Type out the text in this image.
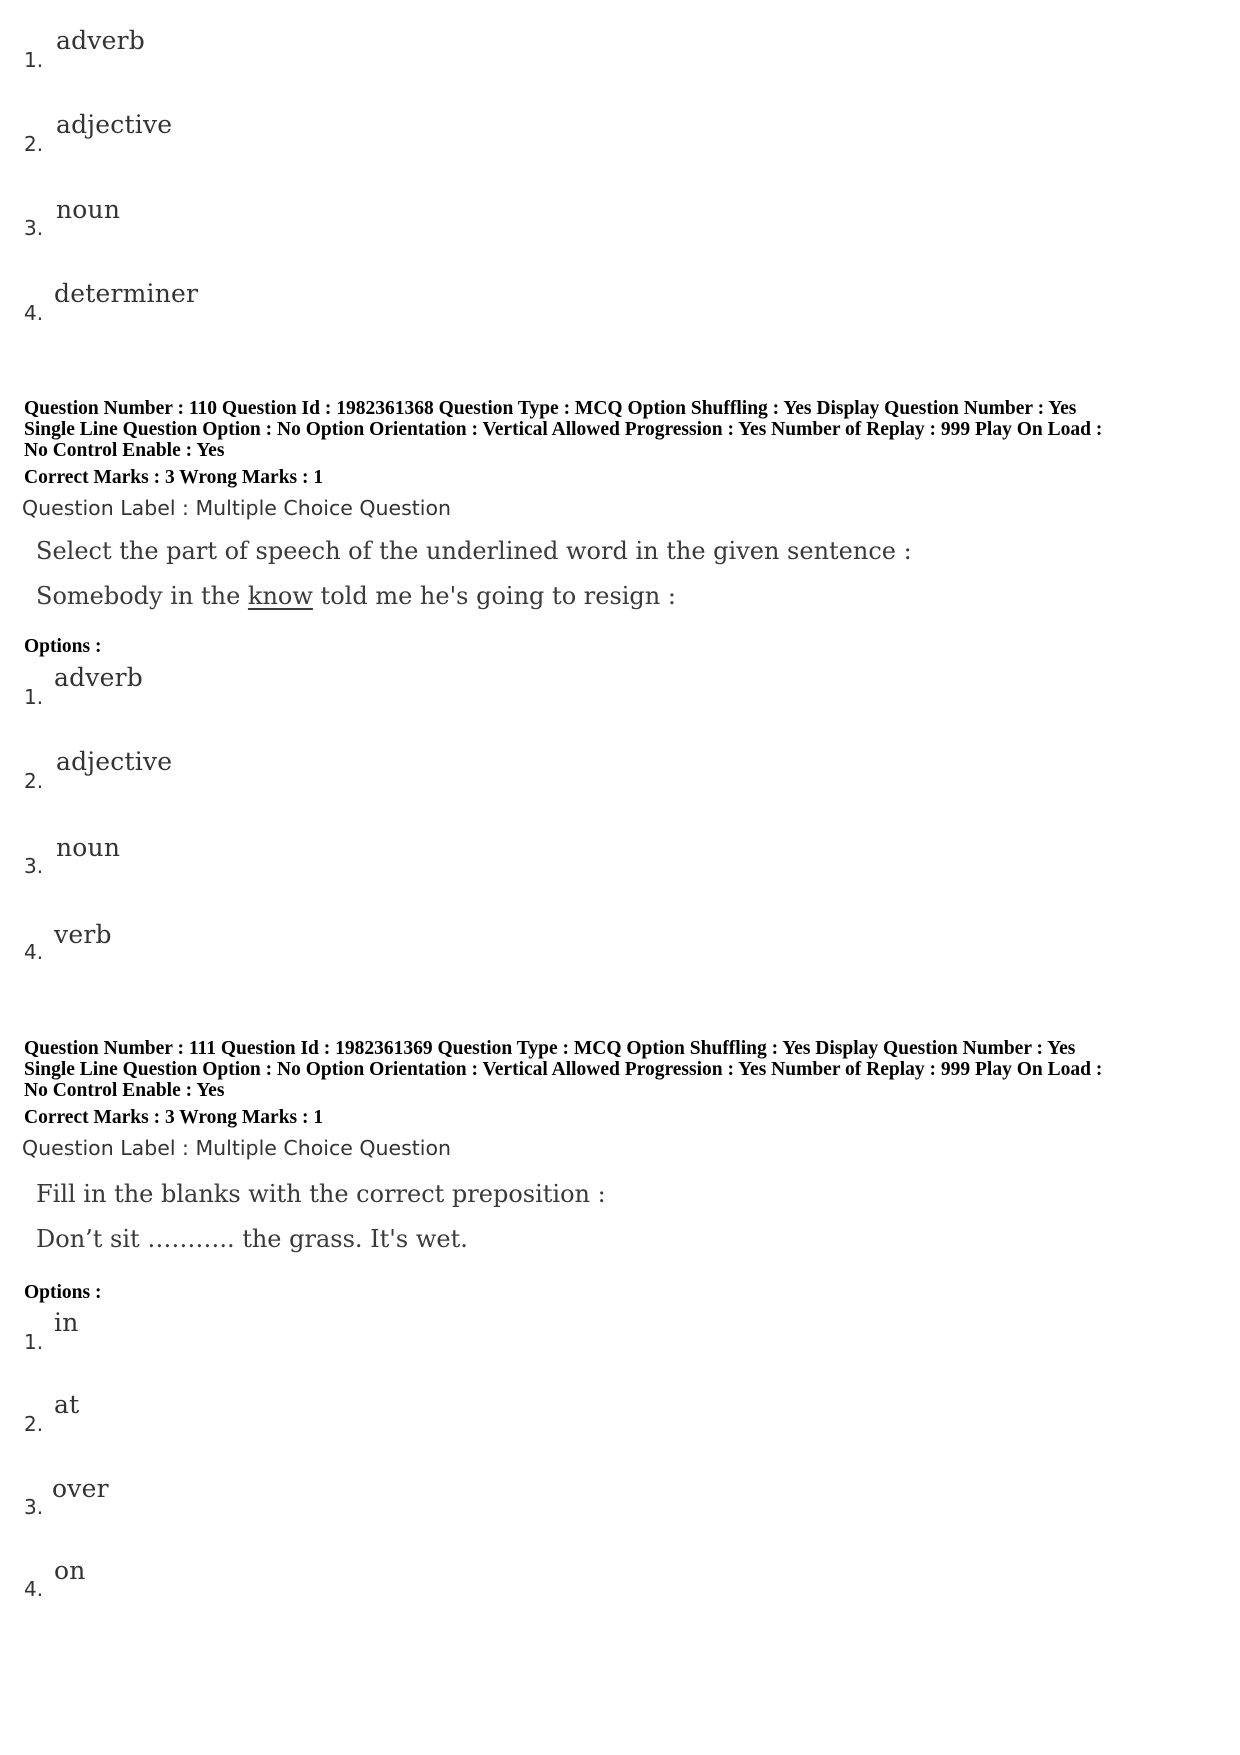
1.
adverb
2.
adjective
3.
noun
4.
determiner
Question Number : 110 Question Id : 1982361368 Question Type : MCQ Option Shuffling : Yes Display Question Number : Yes
Single Line Question Option : No Option Orientation : Vertical Allowed Progression : Yes Number of Replay : 999 Play On Load :
No Control Enable : Yes
Correct Marks : 3 Wrong Marks : 1
Question Label : Multiple Choice Question
Select the part of speech of the underlined word in the given sentence :
Somebody in the know told me he's going to resign :
Options :
1.
adverb
2.
adjective
3.
noun
4.
verb
Question Number : 111 Question Id : 1982361369 Question Type : MCQ Option Shuffling : Yes Display Question Number : Yes
Single Line Question Option : No Option Orientation : Vertical Allowed Progression : Yes Number of Replay : 999 Play On Load :
No Control Enable : Yes
Correct Marks : 3 Wrong Marks : 1
Question Label : Multiple Choice Question
Fill in the blanks with the correct preposition :
Don’t sit ……….. the grass. It's wet.
Options :
1.
in
2.
at
3.
over
4.
on
